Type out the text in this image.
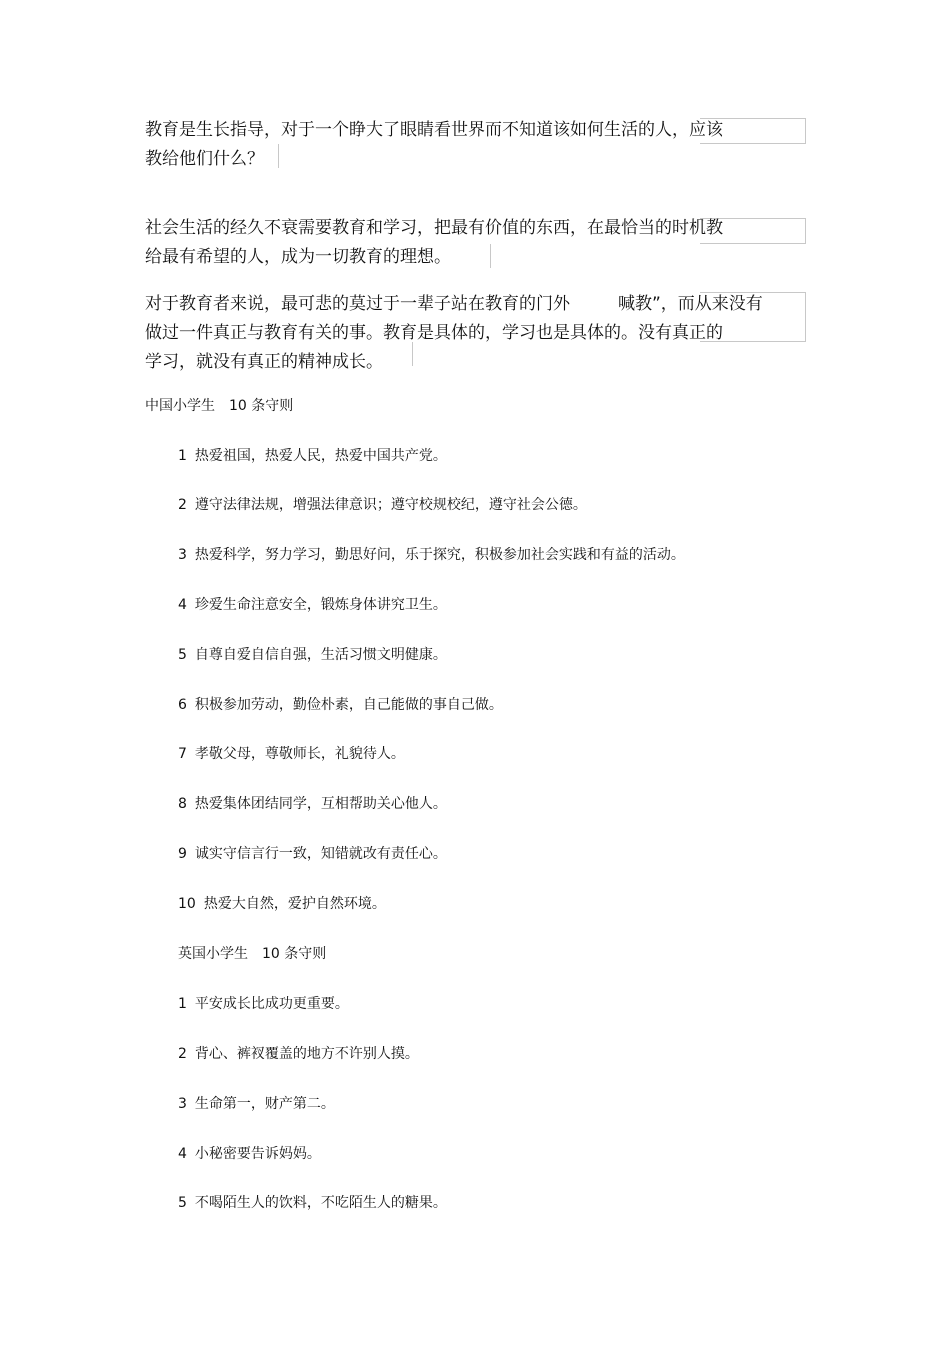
教育是生长指导，对于一个睁大了眼睛看世界而不知道该如何生活的人，应该
教给他们什么？
社会生活的经久不衰需要教育和学习，把最有价值的东西，在最恰当的时机教
给最有希望的人，成为一切教育的理想。
对于教育者来说，最可悲的莫过于一辈子站在教育的门外	喊教”，而从来没有
做过一件真正与教育有关的事。教育是具体的，学习也是具体的。没有真正的
学习，就没有真正的精神成长。
中国小学生 10 条守则
1 热爱祖国，热爱人民，热爱中国共产党。
2 遵守法律法规，增强法律意识；遵守校规校纪，遵守社会公德。
3 热爱科学，努力学习，勤思好问，乐于探究，积极参加社会实践和有益的活动。
4 珍爱生命注意安全，锻炼身体讲究卫生。
5 自尊自爱自信自强，生活习惯文明健康。
6 积极参加劳动，勤俭朴素，自己能做的事自己做。
7 孝敬父母，尊敬师长，礼貌待人。
8 热爱集体团结同学，互相帮助关心他人。
9 诚实守信言行一致，知错就改有责任心。
10 热爱大自然，爱护自然环境。
英国小学生 10 条守则
1 平安成长比成功更重要。
2 背心、裤衩覆盖的地方不许别人摸。
3 生命第一，财产第二。
4 小秘密要告诉妈妈。
5 不喝陌生人的饮料，不吃陌生人的糖果。
